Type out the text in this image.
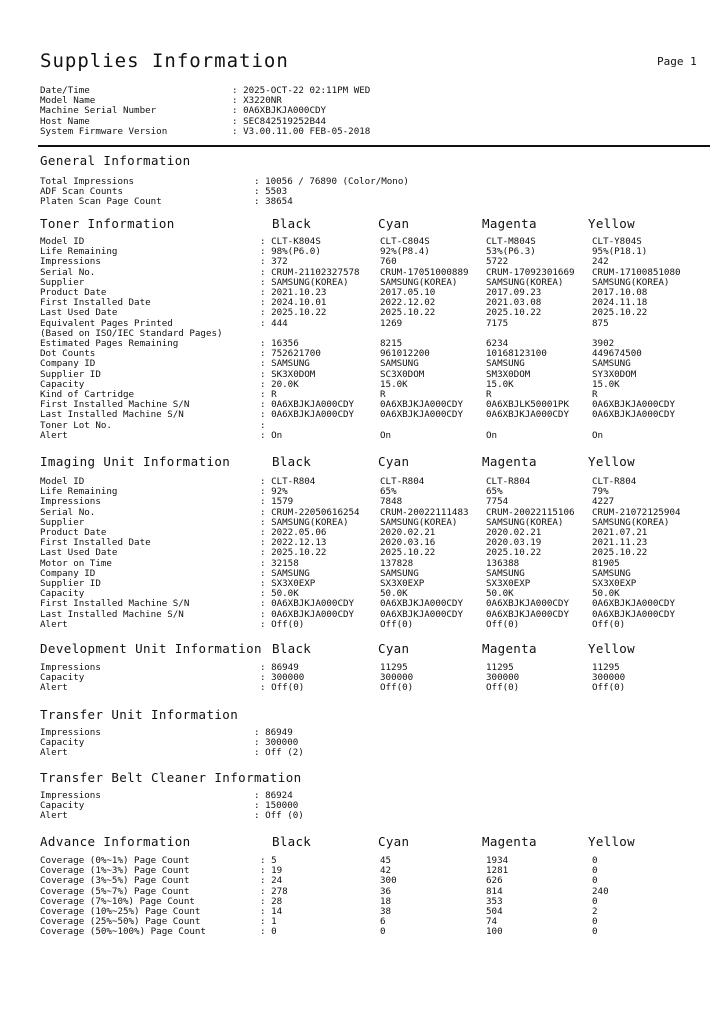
Supplies Information	Page 1
Date/Time	: 2025-OCT-22 02:11PM WED
Model Name	: X3220NR
Machine Serial Number	: 0A6XBJKJA000CDY
Host Name	: SEC842519252B44
System Firmware Version	: V3.00.11.00 FEB-05-2018
General Information
Total Impressions	: 10056 / 76890 (Color/Mono)
ADF Scan Counts	: 5503
Platen Scan Page Count	: 38654
Toner Information	Black	Cyan	Magenta	Yellow
Model ID	: CLT-K804S	CLT-C804S	CLT-M804S	CLT-Y804S
Life Remaining	: 98%(P6.0)	92%(P8.4)	53%(P6.3)	95%(P18.1)
Impressions	: 372	760	5722	242
Serial No.	: CRUM-21102327578 CRUM-17051000889 CRUM-17092301669 CRUM-17100851080
Supplier	: SAMSUNG(KOREA)	SAMSUNG(KOREA)	SAMSUNG(KOREA)	SAMSUNG(KOREA)
Product Date	: 2021.10.23	2017.05.10	2017.09.23	2017.10.08
First Installed Date	: 2024.10.01	2022.12.02	2021.03.08	2024.11.18
Last Used Date	: 2025.10.22	2025.10.22	2025.10.22	2025.10.22
Equivalent Pages Printed	: 444	1269	7175	875
(Based on ISO/IEC Standard Pages)
Estimated Pages Remaining	: 16356	8215	6234	3902
Dot Counts	: 752621700	961012200	10168123100	449674500
Company ID	: SAMSUNG	SAMSUNG	SAMSUNG	SAMSUNG
Supplier ID	: SK3X0DOM	SC3X0DOM	SM3X0DOM	SY3X0DOM
Capacity	: 20.0K	15.0K	15.0K	15.0K
Kind of Cartridge	: R	R	R	R
First Installed Machine S/N	: 0A6XBJKJA000CDY	0A6XBJKJA000CDY	0A6XBJLK50001PK	0A6XBJKJA000CDY
Last Installed Machine S/N	: 0A6XBJKJA000CDY	0A6XBJKJA000CDY	0A6XBJKJA000CDY	0A6XBJKJA000CDY
Toner Lot No.	:
Alert	: On	On	On	On
Imaging Unit Information	Black	Cyan	Magenta	Yellow
Model ID	: CLT-R804	CLT-R804	CLT-R804	CLT-R804
Life Remaining	: 92%	65%	65%	79%
Impressions	: 1579	7848	7754	4227
Serial No.	: CRUM-22050616254 CRUM-20022111483 CRUM-20022115106 CRUM-21072125904
Supplier	: SAMSUNG(KOREA)	SAMSUNG(KOREA)	SAMSUNG(KOREA)	SAMSUNG(KOREA)
Product Date	: 2022.05.06	2020.02.21	2020.02.21	2021.07.21
First Installed Date	: 2022.12.13	2020.03.16	2020.03.19	2021.11.23
Last Used Date	: 2025.10.22	2025.10.22	2025.10.22	2025.10.22
Motor on Time	: 32158	137828	136388	81905
Company ID	: SAMSUNG	SAMSUNG	SAMSUNG	SAMSUNG
Supplier ID	: SX3X0EXP	SX3X0EXP	SX3X0EXP	SX3X0EXP
Capacity	: 50.0K	50.0K	50.0K	50.0K
First Installed Machine S/N	: 0A6XBJKJA000CDY	0A6XBJKJA000CDY	0A6XBJKJA000CDY	0A6XBJKJA000CDY
Last Installed Machine S/N	: 0A6XBJKJA000CDY	0A6XBJKJA000CDY	0A6XBJKJA000CDY	0A6XBJKJA000CDY
Alert	: Off(0)	Off(0)	Off(0)	Off(0)
Development Unit Information Black	Cyan	Magenta	Yellow
Impressions	: 86949	11295	11295	11295
Capacity	: 300000	300000	300000	300000
Alert	: Off(0)	Off(0)	Off(0)	Off(0)
Transfer Unit Information
Impressions	: 86949
Capacity	: 300000
Alert	: Off (2)
Transfer Belt Cleaner Information
Impressions	: 86924
Capacity	: 150000
Alert	: Off (0)
Advance Information	Black	Cyan	Magenta	Yellow
Coverage (0%~1%) Page Count	: 5	45	1934	0
Coverage (1%~3%) Page Count	: 19	42	1281	0
Coverage (3%~5%) Page Count	: 24	300	626	0
Coverage (5%~7%) Page Count	: 278	36	814	240
Coverage (7%~10%) Page Count	: 28	18	353	0
Coverage (10%~25%) Page Count	: 14	38	504	2
Coverage (25%~50%) Page Count	: 1	6	74	0
Coverage (50%~100%) Page Count	: 0	0	100	0
